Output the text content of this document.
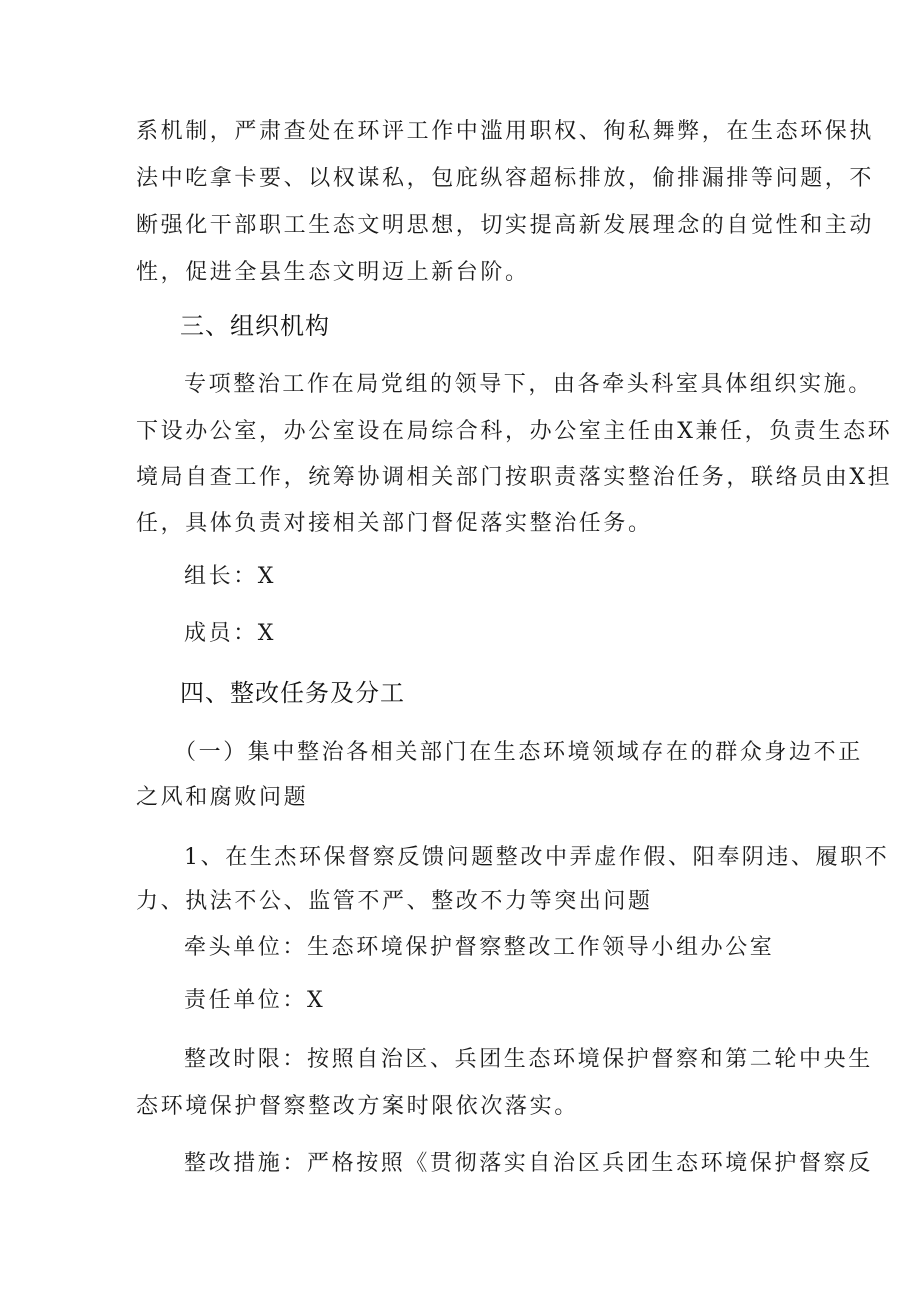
系机制，严肃查处在环评工作中滥用职权、徇私舞弊，在生态环保执
法中吃拿卡要、以权谋私，包庇纵容超标排放，偷排漏排等问题，不
断强化干部职工生态文明思想，切实提高新发展理念的自觉性和主动
性，促进全县生态文明迈上新台阶。
三、组织机构
专项整治工作在局党组的领导下，由各牵头科室具体组织实施。
下设办公室，办公室设在局综合科，办公室主任由X兼任，负责生态环
境局自查工作，统筹协调相关部门按职责落实整治任务，联络员由X担
任，具体负责对接相关部门督促落实整治任务。
组长：X
成员：X
四、整改任务及分工
（一）集中整治各相关部门在生态环境领域存在的群众身边不正
之风和腐败问题
1、在生杰环保督察反馈问题整改中弄虚作假、阳奉阴违、履职不
力、执法不公、监管不严、整改不力等突出问题
牵头单位：生态环境保护督察整改工作领导小组办公室
责任单位：X
整改时限：按照自治区、兵团生态环境保护督察和第二轮中央生
态环境保护督察整改方案时限依次落实。
整改措施：严格按照《贯彻落实自治区兵团生态环境保护督察反
